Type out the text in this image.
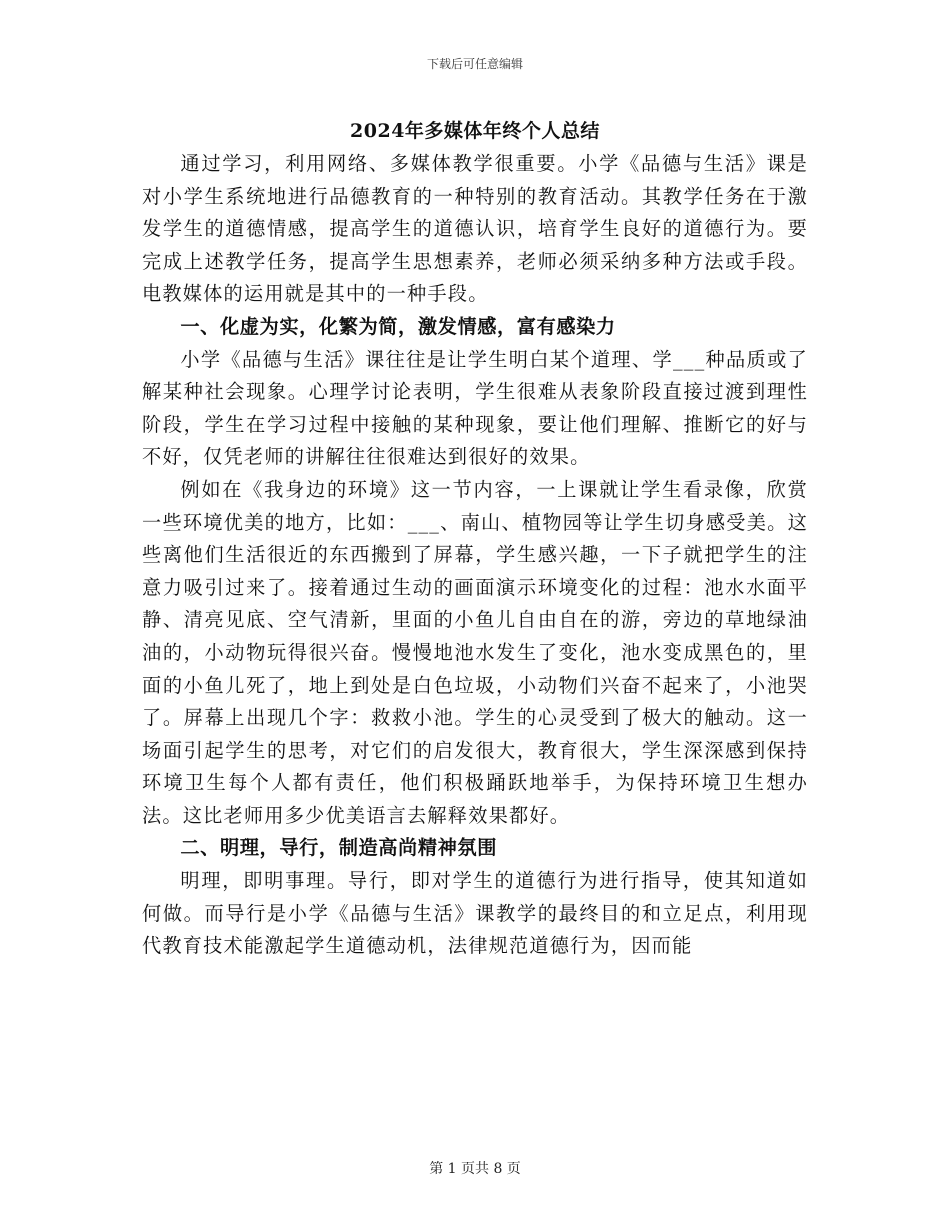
下载后可任意编辑
2024年多媒体年终个人总结

通过学习，利用网络、多媒体教学很重要。小学《品德与生活》课是对小学生系统地进行品德教育的一种特别的教育活动。其教学任务在于激发学生的道德情感，提高学生的道德认识，培育学生良好的道德行为。要完成上述教学任务，提高学生思想素养，老师必须采纳多种方法或手段。电教媒体的运用就是其中的一种手段。

一、化虚为实，化繁为简，激发情感，富有感染力

小学《品德与生活》课往往是让学生明白某个道理、学___种品质或了解某种社会现象。心理学讨论表明，学生很难从表象阶段直接过渡到理性阶段，学生在学习过程中接触的某种现象，要让他们理解、推断它的好与不好，仅凭老师的讲解往往很难达到很好的效果。

例如在《我身边的环境》这一节内容，一上课就让学生看录像，欣赏一些环境优美的地方，比如：___、南山、植物园等让学生切身感受美。这些离他们生活很近的东西搬到了屏幕，学生感兴趣，一下子就把学生的注意力吸引过来了。接着通过生动的画面演示环境变化的过程：池水水面平静、清亮见底、空气清新，里面的小鱼儿自由自在的游，旁边的草地绿油油的，小动物玩得很兴奋。慢慢地池水发生了变化，池水变成黑色的，里面的小鱼儿死了，地上到处是白色垃圾，小动物们兴奋不起来了，小池哭了。屏幕上出现几个字：救救小池。学生的心灵受到了极大的触动。这一场面引起学生的思考，对它们的启发很大，教育很大，学生深深感到保持环境卫生每个人都有责任，他们积极踊跃地举手，为保持环境卫生想办法。这比老师用多少优美语言去解释效果都好。

二、明理，导行，制造高尚精神氛围

明理，即明事理。导行，即对学生的道德行为进行指导，使其知道如何做。而导行是小学《品德与生活》课教学的最终目的和立足点，利用现代教育技术能激起学生道德动机，法律规范道德行为，因而能

第 1 页共 8 页
